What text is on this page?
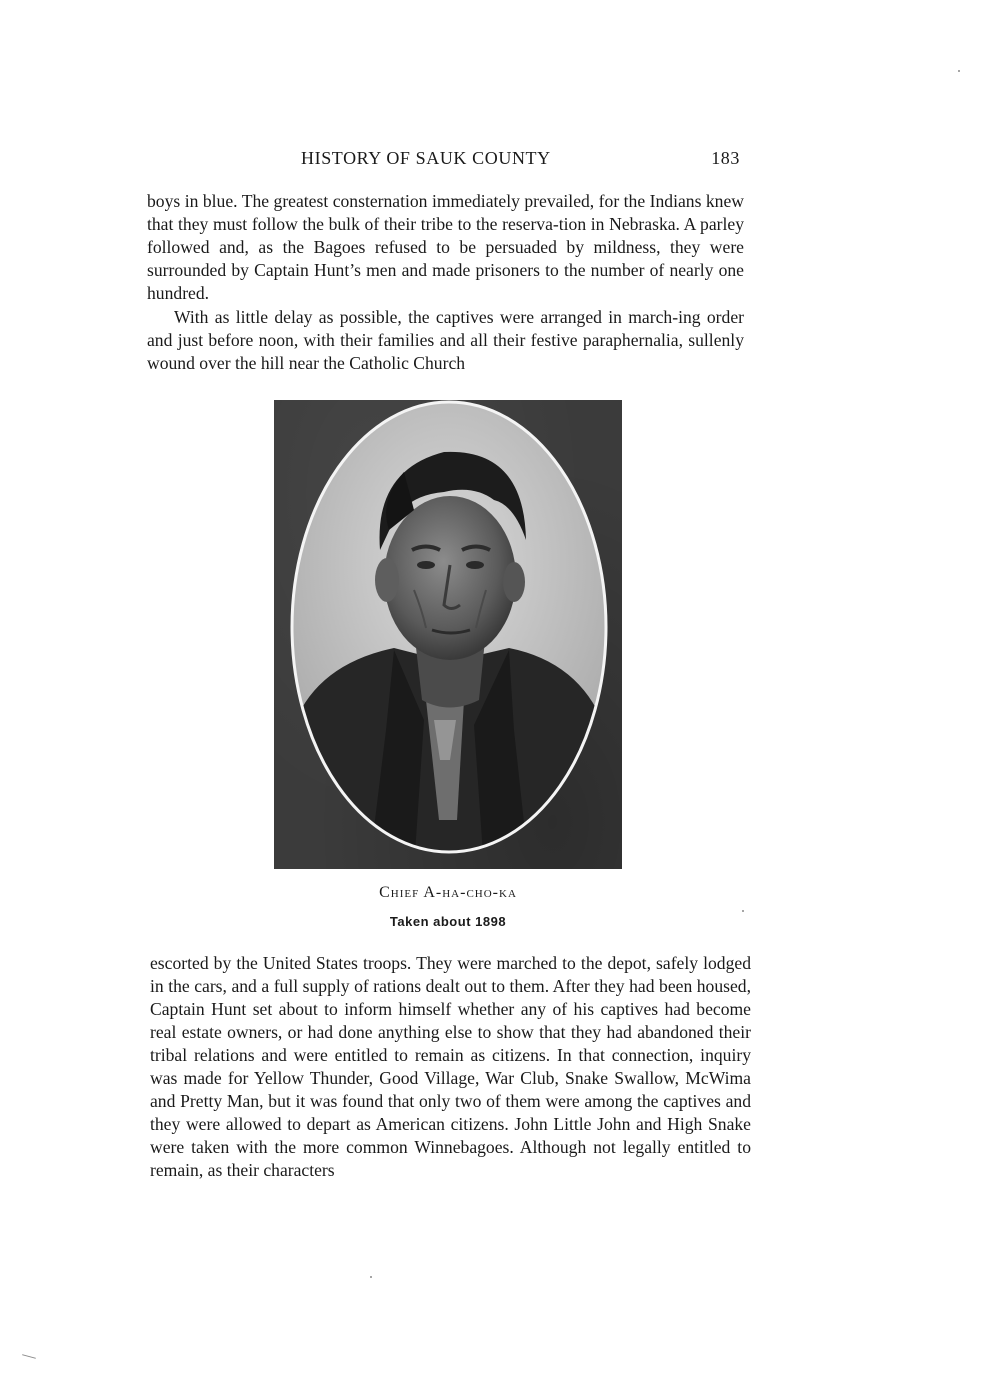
HISTORY OF SAUK COUNTY	183

boys in blue. The greatest consternation immediately prevailed, for the Indians knew that they must follow the bulk of their tribe to the reserva-tion in Nebraska. A parley followed and, as the Bagoes refused to be persuaded by mildness, they were surrounded by Captain Hunt’s men and made prisoners to the number of nearly one hundred.

With as little delay as possible, the captives were arranged in march-ing order and just before noon, with their families and all their festive paraphernalia, sullenly wound over the hill near the Catholic Church

Chief A-ha-cho-ka
Taken about 1898

escorted by the United States troops. They were marched to the depot, safely lodged in the cars, and a full supply of rations dealt out to them. After they had been housed, Captain Hunt set about to inform himself whether any of his captives had become real estate owners, or had done anything else to show that they had abandoned their tribal relations and were entitled to remain as citizens. In that connection, inquiry was made for Yellow Thunder, Good Village, War Club, Snake Swallow, McWima and Pretty Man, but it was found that only two of them were among the captives and they were allowed to depart as American citizens. John Little John and High Snake were taken with the more common Winnebagoes. Although not legally entitled to remain, as their characters
